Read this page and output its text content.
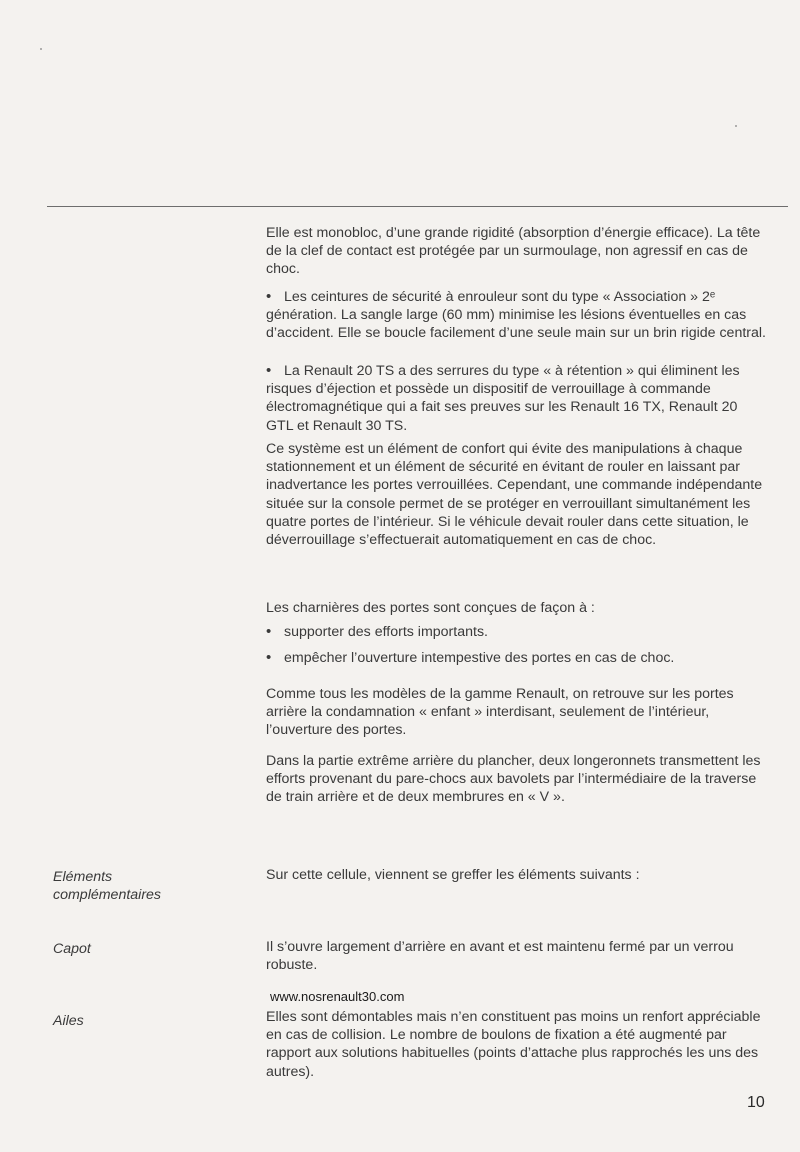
Elle est monobloc, d’une grande rigidité (absorption d’énergie efficace). La tête de la clef de contact est protégée par un surmoulage, non agressif en cas de choc.

• Les ceintures de sécurité à enrouleur sont du type « Association » 2ᵉ génération. La sangle large (60 mm) minimise les lésions éventuelles en cas d’accident. Elle se boucle facilement d’une seule main sur un brin rigide central.

• La Renault 20 TS a des serrures du type « à rétention » qui éliminent les risques d’éjection et possède un dispositif de verrouillage à commande électromagnétique qui a fait ses preuves sur les Renault 16 TX, Renault 20 GTL et Renault 30 TS.

Ce système est un élément de confort qui évite des manipulations à chaque stationnement et un élément de sécurité en évitant de rouler en laissant par inadvertance les portes verrouillées. Cependant, une commande indépendante située sur la console permet de se protéger en verrouillant simultanément les quatre portes de l’intérieur. Si le véhicule devait rouler dans cette situation, le déverrouillage s’effectuerait automatiquement en cas de choc.

Les charnières des portes sont conçues de façon à :

• supporter des efforts importants.

• empêcher l’ouverture intempestive des portes en cas de choc.

Comme tous les modèles de la gamme Renault, on retrouve sur les portes arrière la condamnation « enfant » interdisant, seulement de l’intérieur, l’ouverture des portes.

Dans la partie extrême arrière du plancher, deux longeronnets transmettent les efforts provenant du pare-chocs aux bavolets par l’intermédiaire de la traverse de train arrière et de deux membrures en « V ».

Eléments complémentaires

Sur cette cellule, viennent se greffer les éléments suivants :

Capot	Il s’ouvre largement d’arrière en avant et est maintenu fermé par un verrou robuste.

www.nosrenault30.com
Ailes	Elles sont démontables mais n’en constituent pas moins un renfort appréciable en cas de collision. Le nombre de boulons de fixation a été augmenté par rapport aux solutions habituelles (points d’attache plus rapprochés les uns des autres).

10
